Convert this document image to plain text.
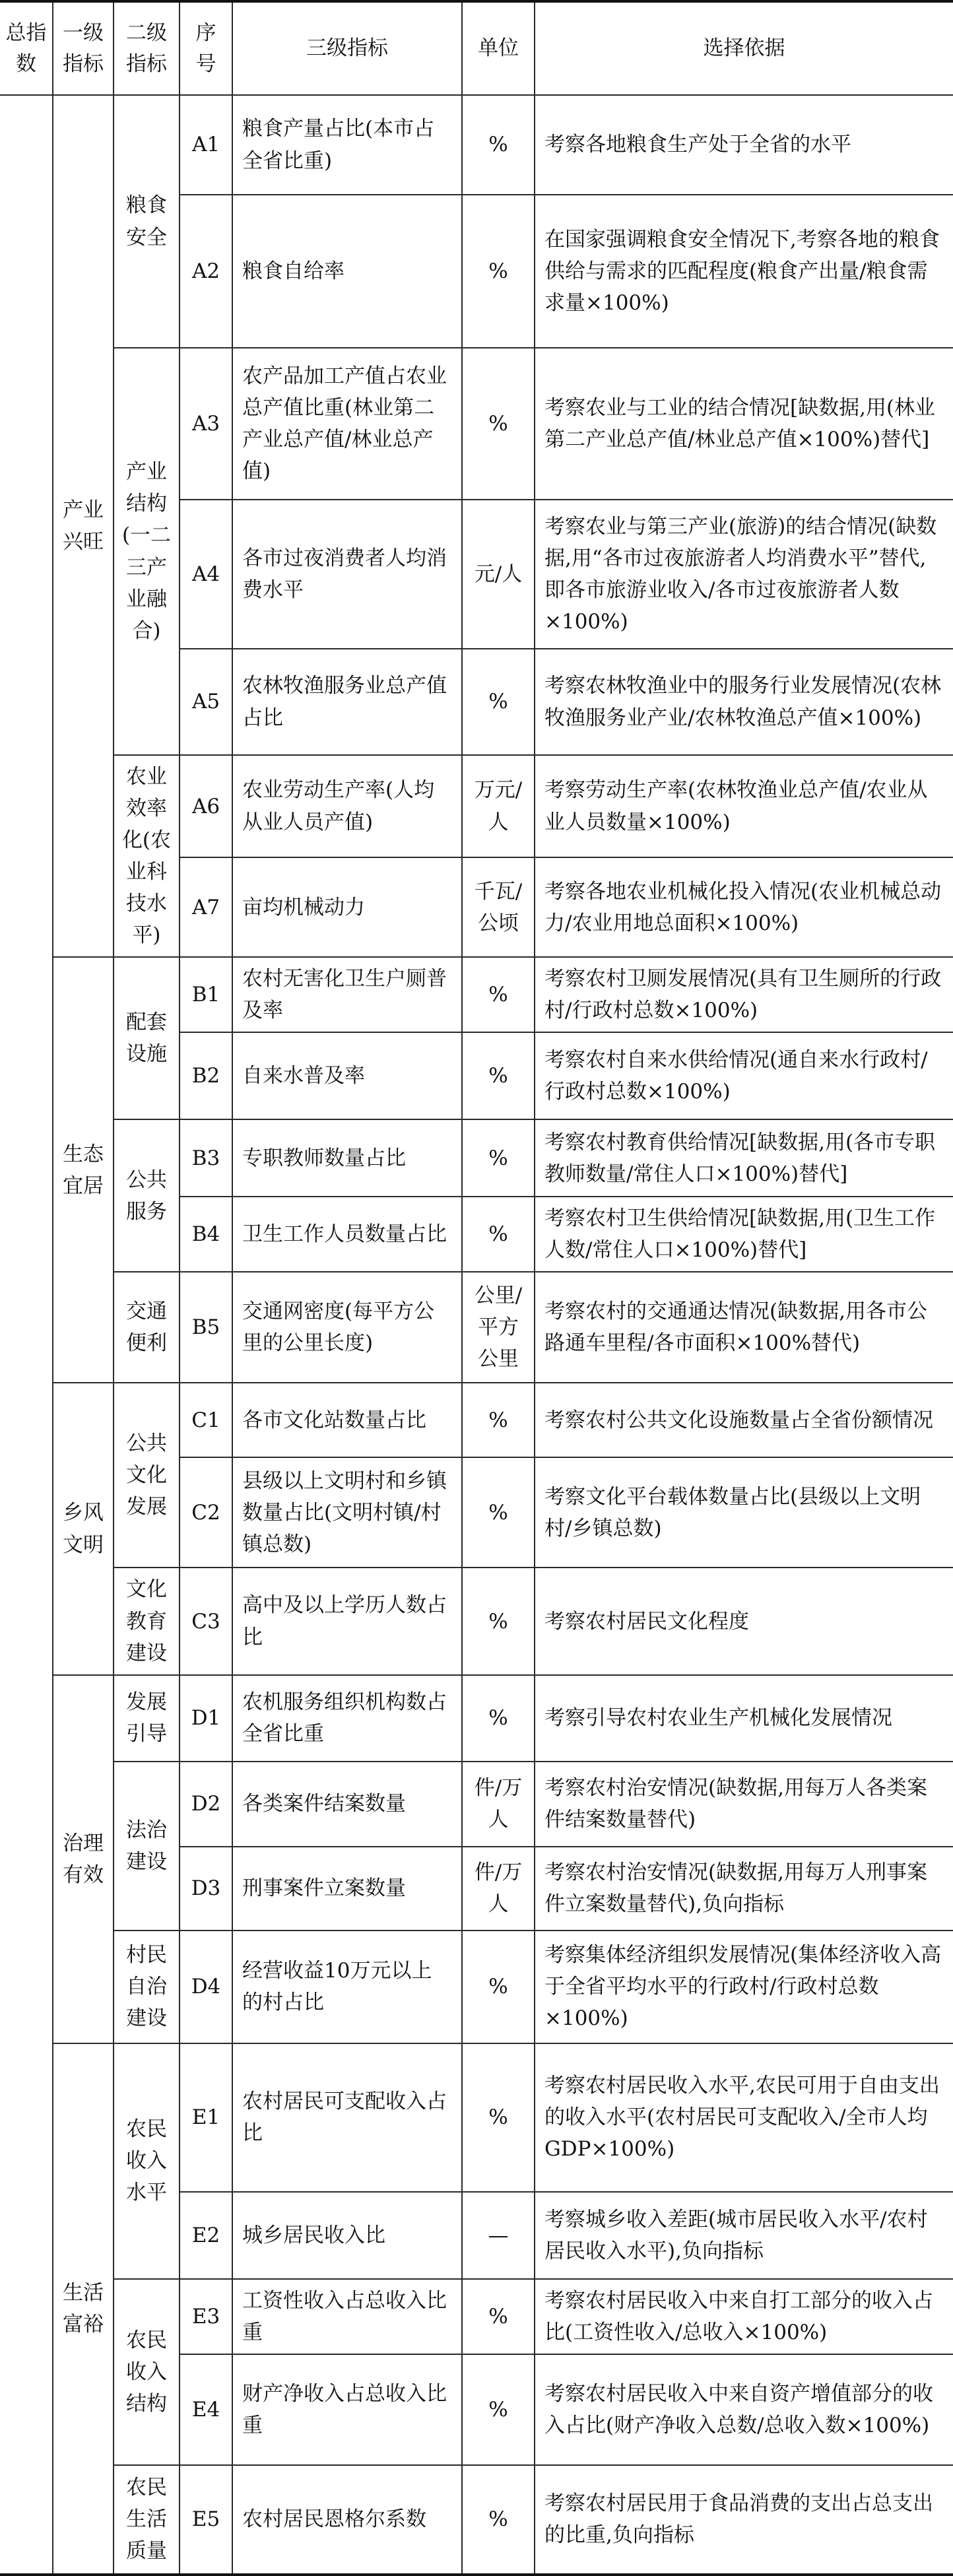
总指数	一级指标	二级指标	序号	三级指标	单位	选择依据
	产业兴旺	粮食安全	A1	粮食产量占比(本市占全省比重)	%	考察各地粮食生产处于全省的水平
			A2	粮食自给率	%	在国家强调粮食安全情况下,考察各地的粮食供给与需求的匹配程度(粮食产出量/粮食需求量×100%)
		产业结构(一二三产业融合)	A3	农产品加工产值占农业总产值比重(林业第二产业总产值/林业总产值)	%	考察农业与工业的结合情况[缺数据,用(林业第二产业总产值/林业总产值×100%)替代]
			A4	各市过夜消费者人均消费水平	元/人	考察农业与第三产业(旅游)的结合情况(缺数据,用“各市过夜旅游者人均消费水平”替代,即各市旅游业收入/各市过夜旅游者人数×100%)
			A5	农林牧渔服务业总产值占比	%	考察农林牧渔业中的服务行业发展情况(农林牧渔服务业产业/农林牧渔总产值×100%)
		农业效率化(农业科技水平)	A6	农业劳动生产率(人均从业人员产值)	万元/人	考察劳动生产率(农林牧渔业总产值/农业从业人员数量×100%)
			A7	亩均机械动力	千瓦/公顷	考察各地农业机械化投入情况(农业机械总动力/农业用地总面积×100%)
	生态宜居	配套设施	B1	农村无害化卫生户厕普及率	%	考察农村卫厕发展情况(具有卫生厕所的行政村/行政村总数×100%)
			B2	自来水普及率	%	考察农村自来水供给情况(通自来水行政村/行政村总数×100%)
		公共服务	B3	专职教师数量占比	%	考察农村教育供给情况[缺数据,用(各市专职教师数量/常住人口×100%)替代]
			B4	卫生工作人员数量占比	%	考察农村卫生供给情况[缺数据,用(卫生工作人数/常住人口×100%)替代]
		交通便利	B5	交通网密度(每平方公里的公里长度)	公里/平方公里	考察农村的交通通达情况(缺数据,用各市公路通车里程/各市面积×100%替代)
	乡风文明	公共文化发展	C1	各市文化站数量占比	%	考察农村公共文化设施数量占全省份额情况
			C2	县级以上文明村和乡镇数量占比(文明村镇/村镇总数)	%	考察文化平台载体数量占比(县级以上文明村/乡镇总数)
		文化教育建设	C3	高中及以上学历人数占比	%	考察农村居民文化程度
	治理有效	发展引导	D1	农机服务组织机构数占全省比重	%	考察引导农村农业生产机械化发展情况
		法治建设	D2	各类案件结案数量	件/万人	考察农村治安情况(缺数据,用每万人各类案件结案数量替代)
			D3	刑事案件立案数量	件/万人	考察农村治安情况(缺数据,用每万人刑事案件立案数量替代),负向指标
		村民自治建设	D4	经营收益10万元以上的村占比	%	考察集体经济组织发展情况(集体经济收入高于全省平均水平的行政村/行政村总数×100%)
	生活富裕	农民收入水平	E1	农村居民可支配收入占比	%	考察农村居民收入水平,农民可用于自由支出的收入水平(农村居民可支配收入/全市人均GDP×100%)
			E2	城乡居民收入比	—	考察城乡收入差距(城市居民收入水平/农村居民收入水平),负向指标
		农民收入结构	E3	工资性收入占总收入比重	%	考察农村居民收入中来自打工部分的收入占比(工资性收入/总收入×100%)
			E4	财产净收入占总收入比重	%	考察农村居民收入中来自资产增值部分的收入占比(财产净收入总数/总收入数×100%)
		农民生活质量	E5	农村居民恩格尔系数	%	考察农村居民用于食品消费的支出占总支出的比重,负向指标
